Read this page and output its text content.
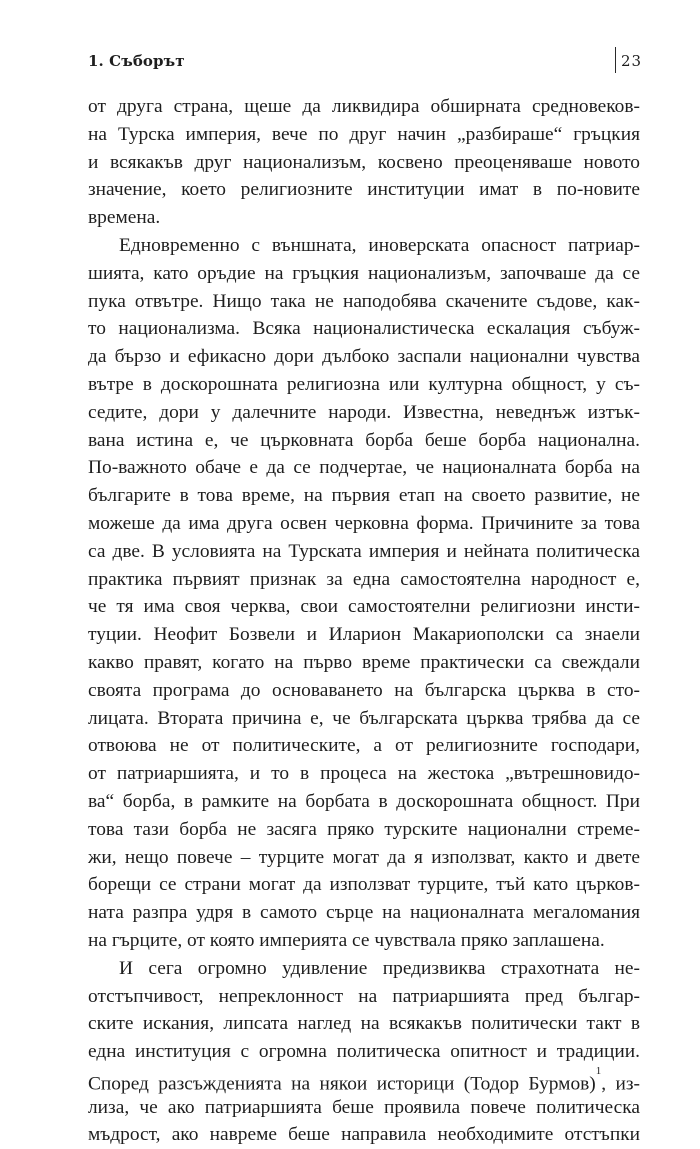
1. Съборът	23
от друга страна, щеше да ликвидира обширната средновеков-
на Турска империя, вече по друг начин „разбираше“ гръцкия
и всякакъв друг национализъм, косвено преоценяваше новото
значение, което религиозните институции имат в по-новите
времена.
Едновременно с външната, иноверската опасност патриар-
шията, като оръдие на гръцкия национализъм, започваше да се
пука отвътре. Нищо така не наподобява скачените съдове, как-
то национализма. Всяка националистическа ескалация събуж-
да бързо и ефикасно дори дълбоко заспали национални чувства
вътре в доскорошната религиозна или културна общност, у съ-
седите, дори у далечните народи. Известна, неведнъж изтък-
вана истина е, че църковната борба беше борба национална.
По-важното обаче е да се подчертае, че националната борба на
българите в това време, на първия етап на своето развитие, не
можеше да има друга освен черковна форма. Причините за това
са две. В условията на Турската империя и нейната политическа
практика първият признак за една самостоятелна народност е,
че тя има своя черква, свои самостоятелни религиозни инсти-
туции. Неофит Бозвели и Иларион Макариополски са знаели
какво правят, когато на първо време практически са свеждали
своята програма до основаването на българска църква в сто-
лицата. Втората причина е, че българската църква трябва да се
отвоюва не от политическите, а от религиозните господари,
от патриаршията, и то в процеса на жестока „вътрешновидо-
ва“ борба, в рамките на борбата в доскорошната общност. При
това тази борба не засяга пряко турските национални стреме-
жи, нещо повече – турците могат да я използват, както и двете
борещи се страни могат да използват турците, тъй като църков-
ната разпра удря в самото сърце на националната мегаломания
на гърците, от която империята се чувствала пряко заплашена.
И сега огромно удивление предизвиква страхотната не-
отстъпчивост, непреклонност на патриаршията пред българ-
ските искания, липсата наглед на всякакъв политически такт в
една институция с огромна политическа опитност и традиции.
Според разсъжденията на някои историци (Тодор Бурмов)$^1$, из-
лиза, че ако патриаршията беше проявила повече политическа
мъдрост, ако навреме беше направила необходимите отстъпки
